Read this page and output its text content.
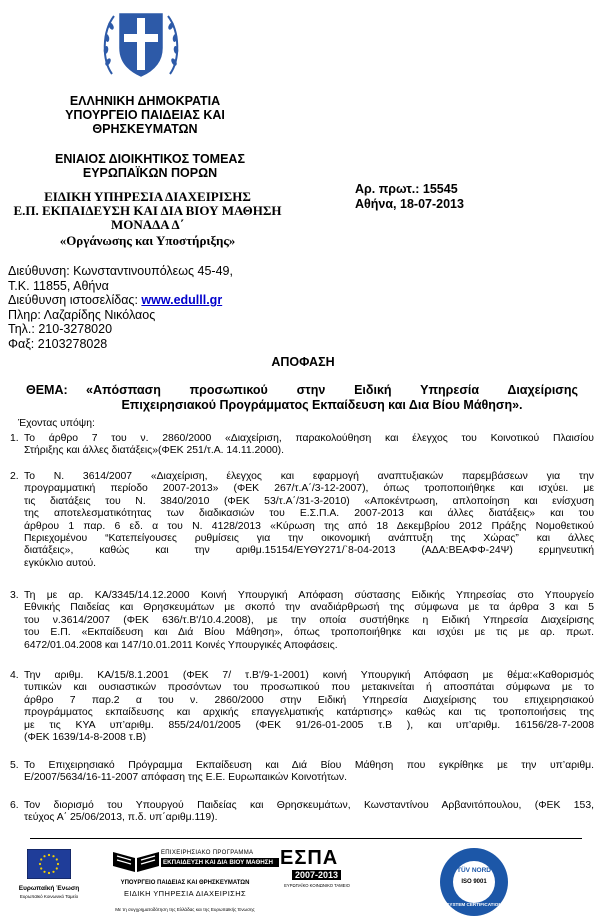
ΕΛΛΗΝΙΚΗ ΔΗΜΟΚΡΑΤΙΑ
ΥΠΟΥΡΓΕΙΟ ΠΑΙΔΕΙΑΣ ΚΑΙ
ΘΡΗΣΚΕΥΜΑΤΩΝ
ΕΝΙΑΙΟΣ ΔΙΟΙΚΗΤΙΚΟΣ ΤΟΜΕΑΣ
ΕΥΡΩΠΑΪΚΩΝ ΠΟΡΩΝ
ΕΙΔΙΚΗ ΥΠΗΡΕΣΙΑ ΔΙΑΧΕΙΡΙΣΗΣ
Ε.Π. ΕΚΠΑΙΔΕΥΣΗ ΚΑΙ ΔΙΑ ΒΙΟΥ ΜΑΘΗΣΗ
ΜΟΝΑΔΑ Δ΄
«Οργάνωσης και Υποστήριξης»
Αρ. πρωτ.: 15545
Αθήνα, 18-07-2013
Διεύθυνση: Κωνσταντινουπόλεως 45-49,
Τ.Κ. 11855, Αθήνα
Διεύθυνση ιστοσελίδας: www.edulll.gr
Πληρ: Λαζαρίδης Νικόλαος
Τηλ.: 210-3278020
Φαξ: 2103278028
ΑΠΟΦΑΣΗ
ΘΕΜΑ:	«Απόσπαση προσωπικού στην Ειδική Υπηρεσία Διαχείρισης
Επιχειρησιακού Προγράμματος Εκπαίδευση και Δια Βίου Μάθηση».
Έχοντας υπόψη:
1. Το άρθρο 7 του ν. 2860/2000 «Διαχείριση, παρακολούθηση και έλεγχος του Κοινοτικού Πλαισίου
Στήριξης και άλλες διατάξεις»(ΦΕΚ 251/τ.Α. 14.11.2000).
2. Το Ν. 3614/2007 «Διαχείριση, έλεγχος και εφαρμογή αναπτυξιακών παρεμβάσεων για την
προγραμματική περίοδο 2007-2013» (ΦΕΚ 267/τ.Α΄/3-12-2007), όπως τροποποιήθηκε και ισχύει. με
τις διατάξεις του Ν. 3840/2010 (ΦΕΚ 53/τ.Α΄/31-3-2010) «Αποκέντρωση, απλοποίηση και ενίσχυση
της αποτελεσματικότητας των διαδικασιών του Ε.Σ.Π.Α. 2007-2013 και άλλες διατάξεις» και του
άρθρου 1 παρ. 6 εδ. α του Ν. 4128/2013 «Κύρωση της από 18 Δεκεμβρίου 2012 Πράξης Νομοθετικού
Περιεχομένου “Κατεπείγουσες ρυθμίσεις για την οικονομική ανάπτυξη της Χώρας” και άλλες
διατάξεις», καθώς και την αριθμ.15154/ΕΥΘΥ271/`8-04-2013 (ΑΔΑ:ΒΕΑΦΦ-24Ψ) ερμηνευτική
εγκύκλιο αυτού.
3. Τη με αρ. ΚΑ/3345/14.12.2000 Κοινή Υπουργική Απόφαση σύστασης Ειδικής Υπηρεσίας στο Υπουργείο
Εθνικής Παιδείας και Θρησκευμάτων με σκοπό την αναδιάρθρωσή της σύμφωνα με τα άρθρα 3 και 5
του ν.3614/2007 (ΦΕΚ 636/τ.Β'/10.4.2008), με την οποία συστήθηκε η Ειδική Υπηρεσία Διαχείρισης
του Ε.Π. «Εκπαίδευση και Διά Βίου Μάθηση», όπως τροποποιήθηκε και ισχύει με τις με αρ. πρωτ.
6472/01.04.2008 και 147/10.01.2011 Κοινές Υπουργικές Αποφάσεις.
4. Την αριθμ. ΚΑ/15/8.1.2001 (ΦΕΚ 7/ τ.Β'/9-1-2001) κοινή Υπουργική Απόφαση με θέμα:«Καθορισμός
τυπικών και ουσιαστικών προσόντων του προσωπικού που μετακινείται ή αποσπάται σύμφωνα με το
άρθρο 7 παρ.2 α του ν. 2860/2000 στην Ειδική Υπηρεσία Διαχείρισης του επιχειρησιακού
προγράμματος εκπαίδευσης και αρχικής επαγγελματικής κατάρτισης» καθώς και τις τροποποιήσεις της
με τις ΚΥΑ υπ’αριθμ. 855/24/01/2005 (ΦΕΚ 91/26-01-2005 τ.Β ), και υπ’αριθμ. 16156/28-7-2008
(ΦΕΚ 1639/14-8-2008 τ.Β)
5. Το Επιχειρησιακό Πρόγραμμα Εκπαίδευση και Διά Βίου Μάθηση που εγκρίθηκε με την υπ’αριθμ.
Ε/2007/5634/16-11-2007 απόφαση της Ε.Ε. Ευρωπαικών Κοινοτήτων.
6. Τον διορισμό του Υπουργού Παιδείας και Θρησκευμάτων, Κωνσταντίνου Αρβανιτόπουλου, (ΦΕΚ 153,
τεύχος Α΄ 25/06/2013, π.δ. υπ΄αριθμ.119).
Ευρωπαϊκή Ένωση
Ευρωπαϊκό Κοινωνικό Ταμείο
ΕΠΙΧΕΙΡΗΣΙΑΚΟ ΠΡΟΓΡΑΜΜΑ
ΕΚΠΑΙΔΕΥΣΗ ΚΑΙ ΔΙΑ ΒΙΟΥ ΜΑΘΗΣΗ
ΥΠΟΥΡΓΕΙΟ ΠΑΙΔΕΙΑΣ ΚΑΙ ΘΡΗΣΚΕΥΜΑΤΩΝ
ΕΙΔΙΚΗ ΥΠΗΡΕΣΙΑ ΔΙΑΧΕΙΡΙΣΗΣ
Με τη συγχρηματοδότηση της Ελλάδας και της Ευρωπαϊκής Ένωσης
ΕΣΠΑ
2007-2013
ΕΥΡΩΠΑΪΚΟ ΚΟΙΝΩΝΙΚΟ ΤΑΜΕΙΟ
TÜV NORD
ISO 9001
SYSTEM CERTIFICATION
